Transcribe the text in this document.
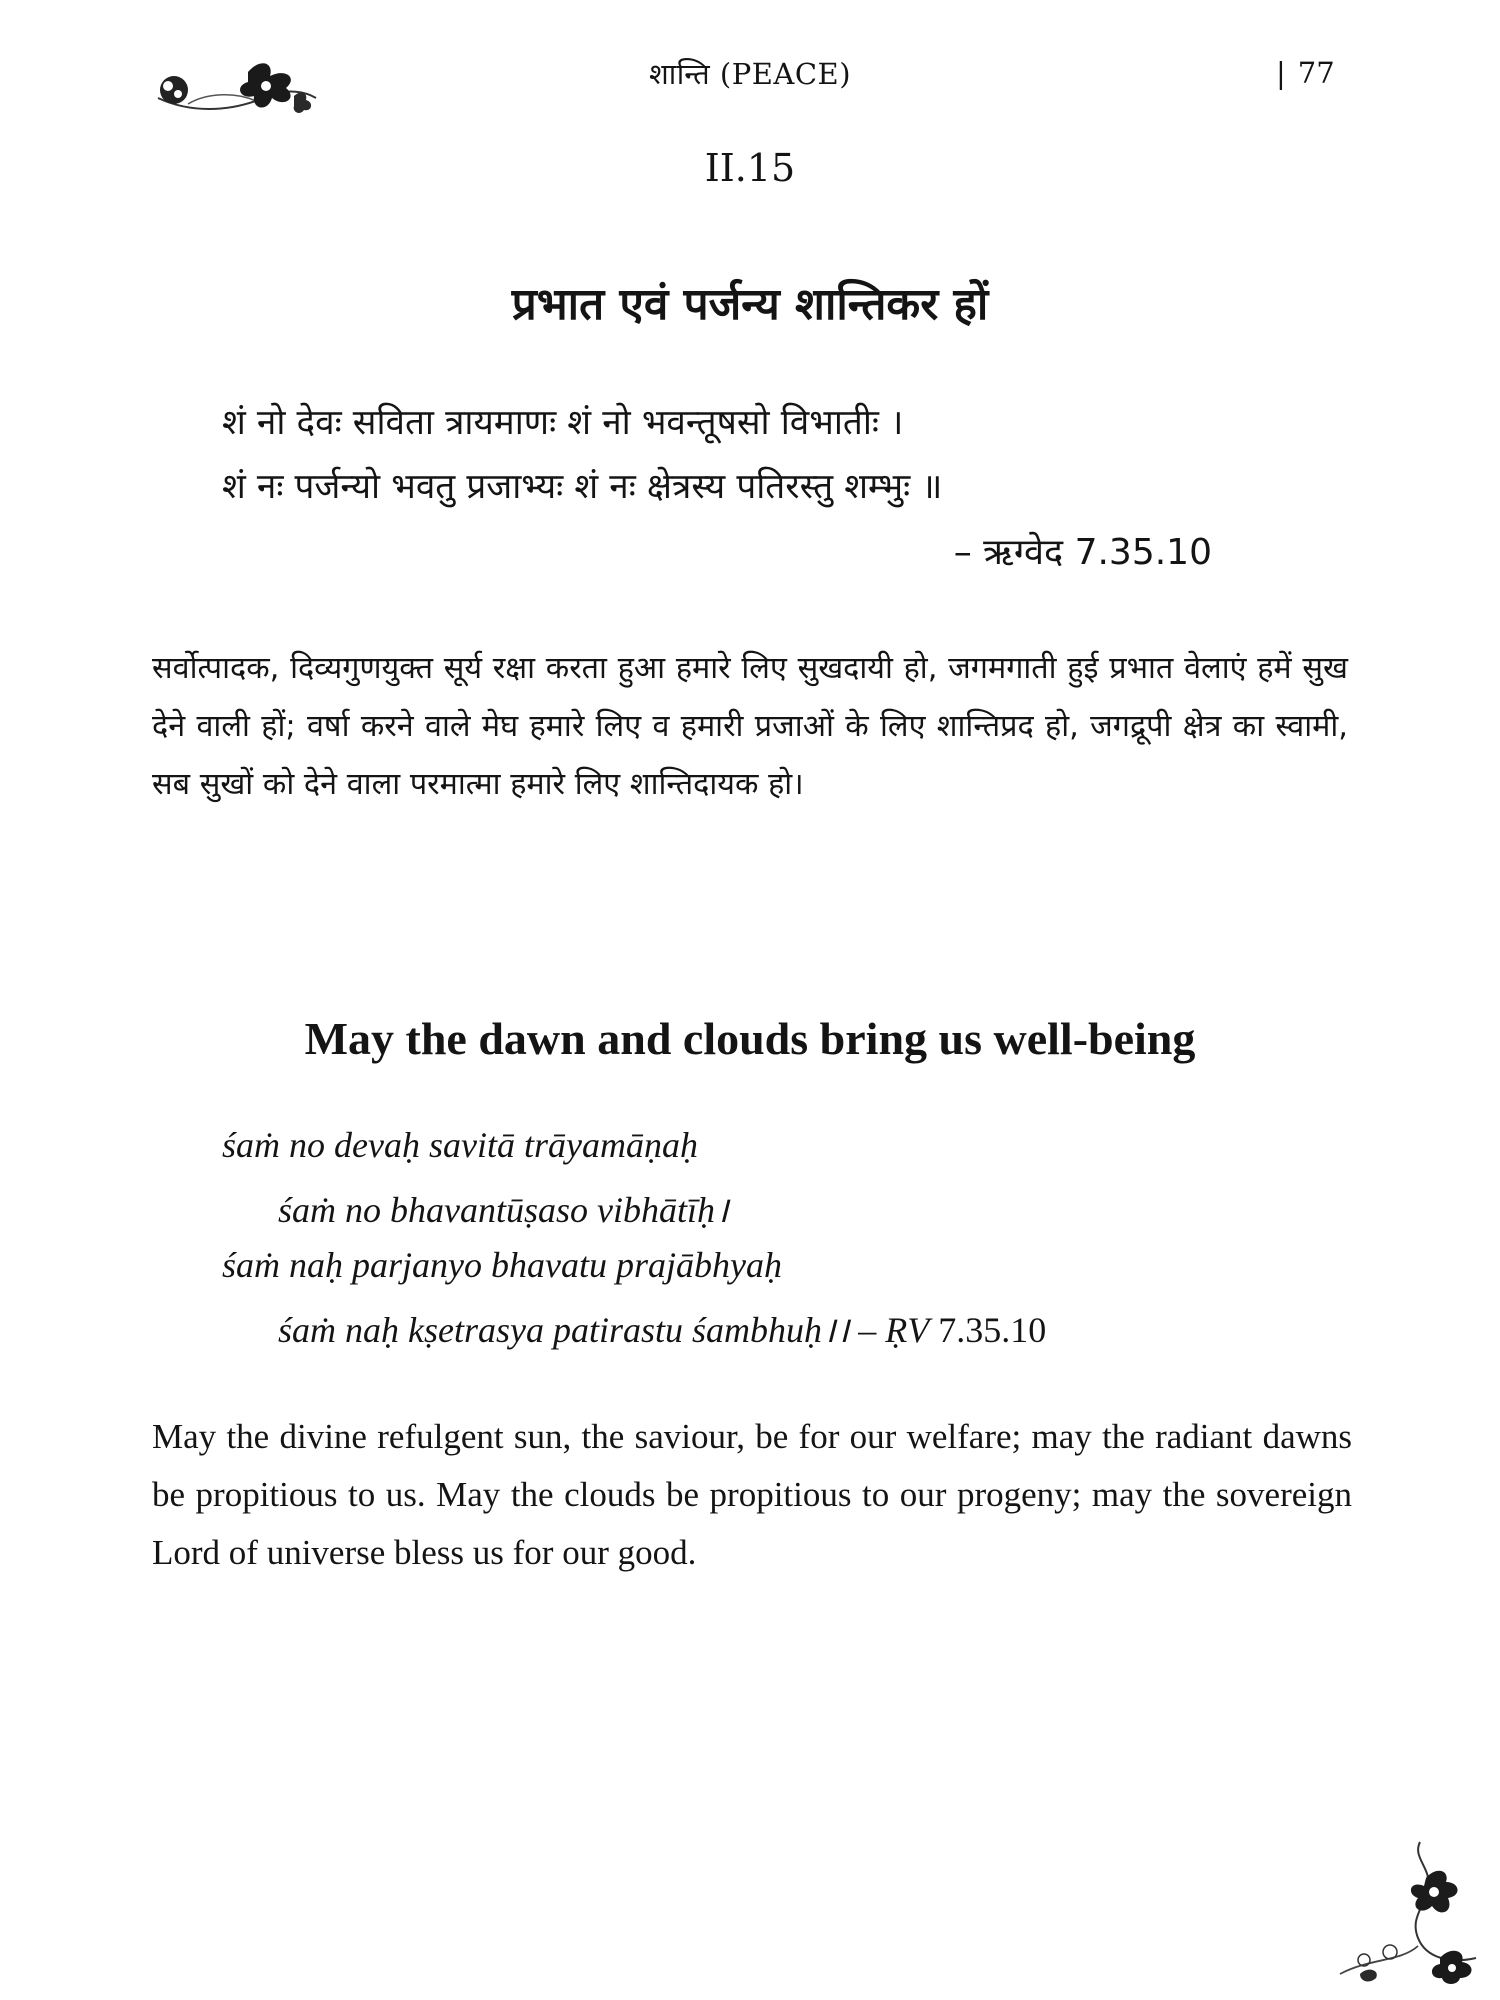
शान्ति (PEACE)	| 77
II.15
प्रभात एवं पर्जन्य शान्तिकर हों
शं नो देवः सविता त्रायमाणः शं नो भवन्तूषसो विभातीः ।
शं नः पर्जन्यो भवतु प्रजाभ्यः शं नः क्षेत्रस्य पतिरस्तु शम्भुः ॥
– ऋग्वेद 7.35.10
सर्वोत्पादक, दिव्यगुणयुक्त सूर्य रक्षा करता हुआ हमारे लिए सुखदायी हो, जगमगाती हुई प्रभात वेलाएं हमें सुख देने वाली हों; वर्षा करने वाले मेघ हमारे लिए व हमारी प्रजाओं के लिए शान्तिप्रद हो, जगद्रूपी क्षेत्र का स्वामी, सब सुखों को देने वाला परमात्मा हमारे लिए शान्तिदायक हो।
May the dawn and clouds bring us well-being
śaṁ no devaḥ savitā trāyamāṇaḥ
śaṁ no bhavantūṣaso vibhātīḥ।
śaṁ naḥ parjanyo bhavatu prajābhyaḥ
śaṁ naḥ kṣetrasya patirastu śambhuḥ।। – ṚV 7.35.10
May the divine refulgent sun, the saviour, be for our welfare; may the radiant dawns be propitious to us. May the clouds be propitious to our progeny; may the sovereign Lord of universe bless us for our good.
